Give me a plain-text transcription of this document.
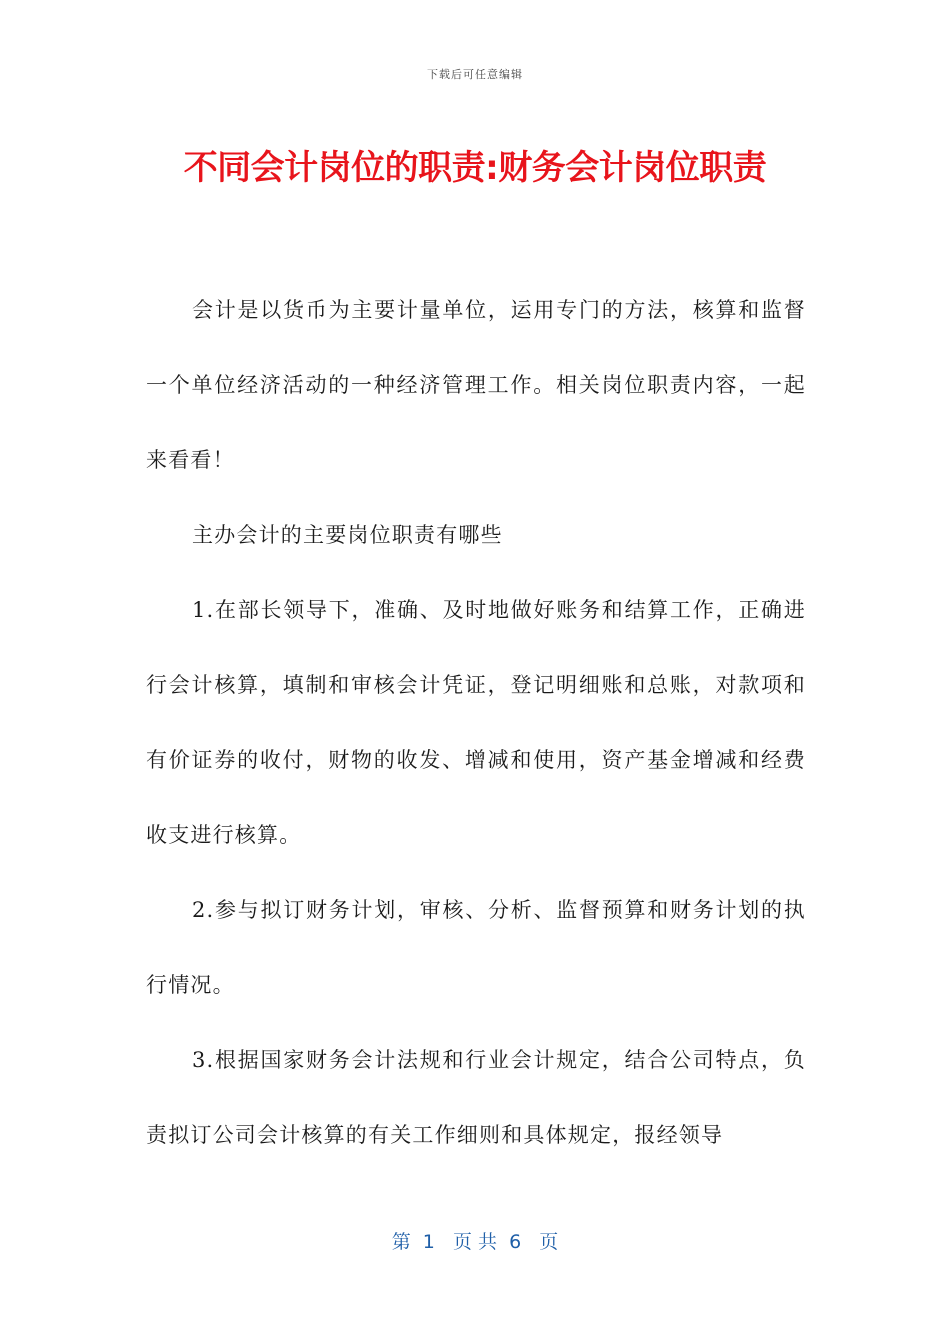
下载后可任意编辑
不同会计岗位的职责:财务会计岗位职责

会计是以货币为主要计量单位，运用专门的方法，核算和监督一个单位经济活动的一种经济管理工作。相关岗位职责内容，一起来看看！

主办会计的主要岗位职责有哪些

1.在部长领导下，准确、及时地做好账务和结算工作，正确进行会计核算，填制和审核会计凭证，登记明细账和总账，对款项和有价证券的收付，财物的收发、增减和使用，资产基金增减和经费收支进行核算。

2.参与拟订财务计划，审核、分析、监督预算和财务计划的执行情况。

3.根据国家财务会计法规和行业会计规定，结合公司特点，负责拟订公司会计核算的有关工作细则和具体规定，报经领导

第  1   页 共  6   页
